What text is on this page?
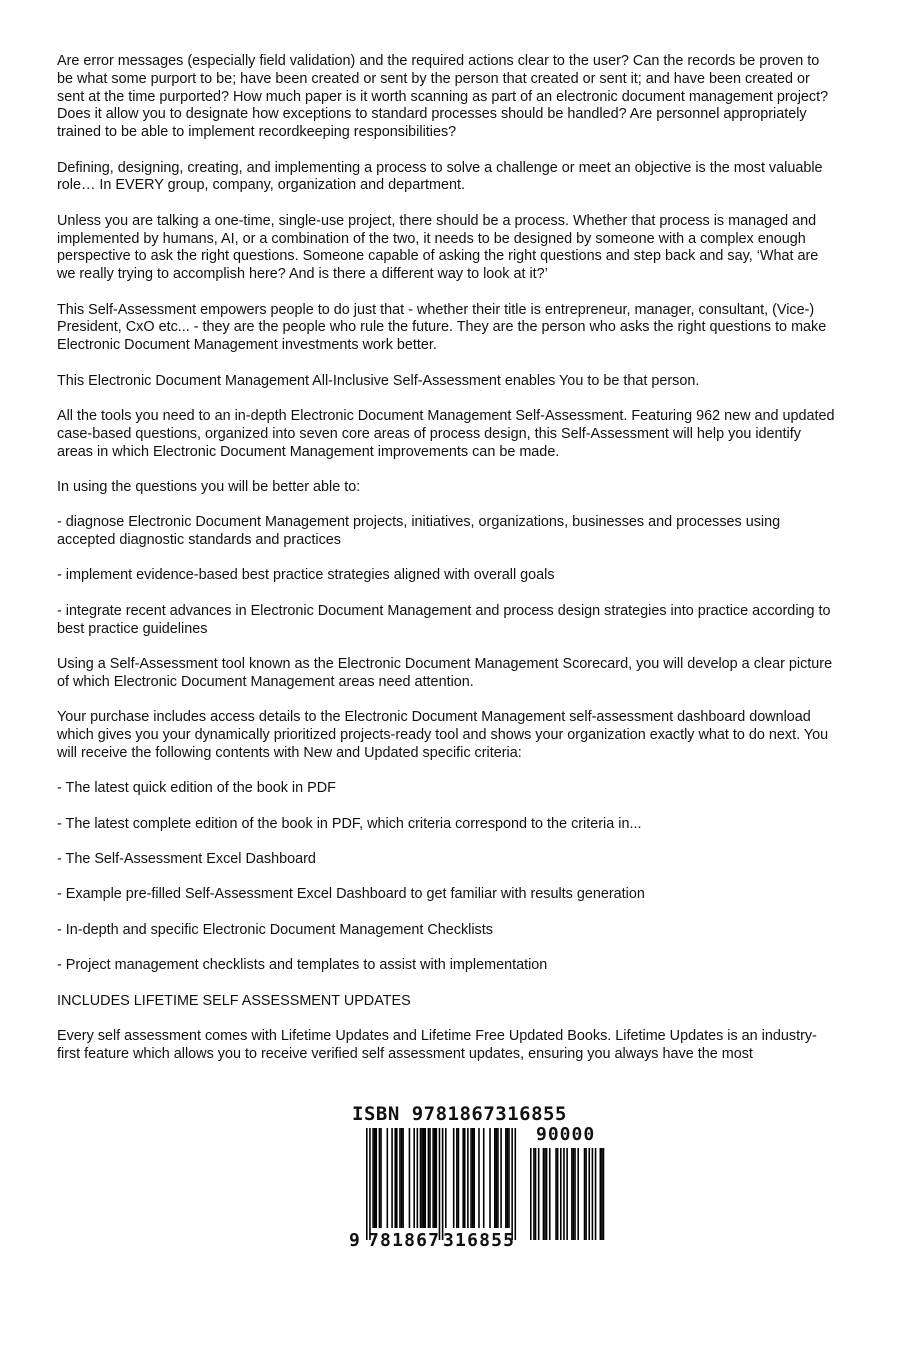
Are error messages (especially field validation) and the required actions clear to the user? Can the records be proven to be what some purport to be; have been created or sent by the person that created or sent it; and have been created or sent at the time purported? How much paper is it worth scanning as part of an electronic document management project? Does it allow you to designate how exceptions to standard processes should be handled? Are personnel appropriately trained to be able to implement recordkeeping responsibilities?

Defining, designing, creating, and implementing a process to solve a challenge or meet an objective is the most valuable role… In EVERY group, company, organization and department.

Unless you are talking a one-time, single-use project, there should be a process. Whether that process is managed and implemented by humans, AI, or a combination of the two, it needs to be designed by someone with a complex enough perspective to ask the right questions. Someone capable of asking the right questions and step back and say, ‘What are we really trying to accomplish here? And is there a different way to look at it?’

This Self-Assessment empowers people to do just that - whether their title is entrepreneur, manager, consultant, (Vice-) President, CxO etc... - they are the people who rule the future. They are the person who asks the right questions to make Electronic Document Management investments work better.

This Electronic Document Management All-Inclusive Self-Assessment enables You to be that person.

All the tools you need to an in-depth Electronic Document Management Self-Assessment. Featuring 962 new and updated case-based questions, organized into seven core areas of process design, this Self-Assessment will help you identify areas in which Electronic Document Management improvements can be made.

In using the questions you will be better able to:

- diagnose Electronic Document Management projects, initiatives, organizations, businesses and processes using accepted diagnostic standards and practices

- implement evidence-based best practice strategies aligned with overall goals

- integrate recent advances in Electronic Document Management and process design strategies into practice according to best practice guidelines

Using a Self-Assessment tool known as the Electronic Document Management Scorecard, you will develop a clear picture of which Electronic Document Management areas need attention.

Your purchase includes access details to the Electronic Document Management self-assessment dashboard download which gives you your dynamically prioritized projects-ready tool and shows your organization exactly what to do next. You will receive the following contents with New and Updated specific criteria:

- The latest quick edition of the book in PDF

- The latest complete edition of the book in PDF, which criteria correspond to the criteria in...

- The Self-Assessment Excel Dashboard

- Example pre-filled Self-Assessment Excel Dashboard to get familiar with results generation

- In-depth and specific Electronic Document Management Checklists

- Project management checklists and templates to assist with implementation

INCLUDES LIFETIME SELF ASSESSMENT UPDATES

Every self assessment comes with Lifetime Updates and Lifetime Free Updated Books. Lifetime Updates is an industry-first feature which allows you to receive verified self assessment updates, ensuring you always have the most

ISBN 9781867316855
90000
9 781867 316855
